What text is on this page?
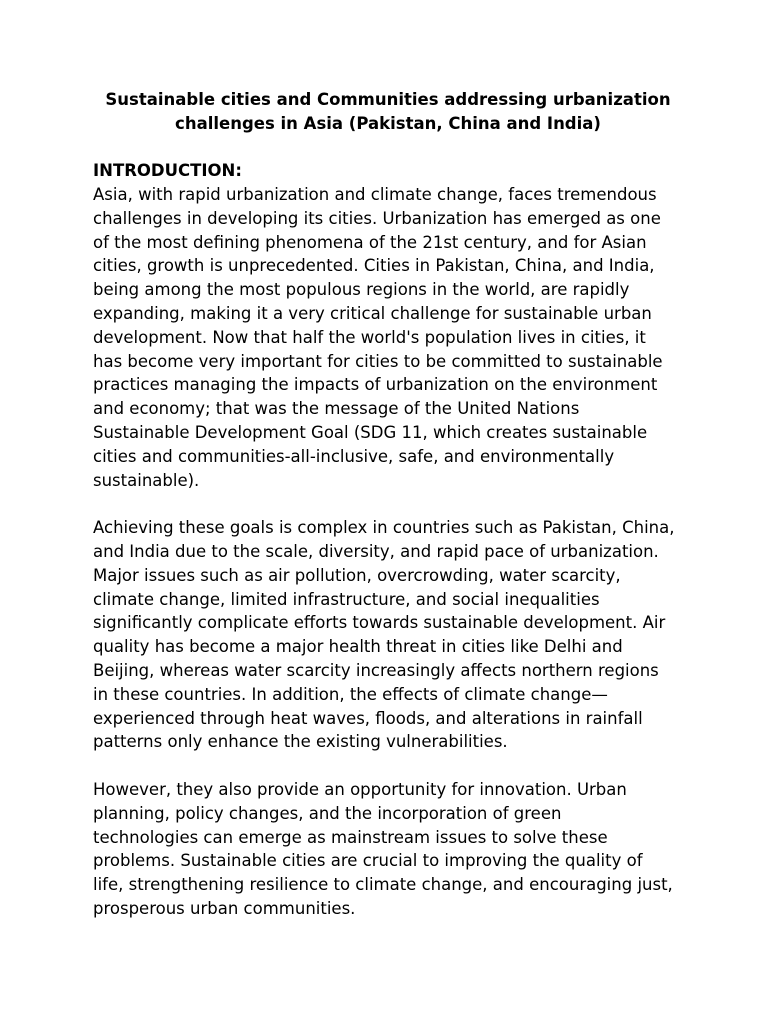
Sustainable cities and Communities addressing urbanization
challenges in Asia (Pakistan, China and India)
INTRODUCTION:

Asia, with rapid urbanization and climate change, faces tremendous
challenges in developing its cities. Urbanization has emerged as one
of the most defining phenomena of the 21st century, and for Asian
cities, growth is unprecedented. Cities in Pakistan, China, and India,
being among the most populous regions in the world, are rapidly
expanding, making it a very critical challenge for sustainable urban
development. Now that half the world's population lives in cities, it
has become very important for cities to be committed to sustainable
practices managing the impacts of urbanization on the environment
and economy; that was the message of the United Nations
Sustainable Development Goal (SDG 11, which creates sustainable
cities and communities-all-inclusive, safe, and environmentally
sustainable).

Achieving these goals is complex in countries such as Pakistan, China,
and India due to the scale, diversity, and rapid pace of urbanization.
Major issues such as air pollution, overcrowding, water scarcity,
climate change, limited infrastructure, and social inequalities
significantly complicate efforts towards sustainable development. Air
quality has become a major health threat in cities like Delhi and
Beijing, whereas water scarcity increasingly affects northern regions
in these countries. In addition, the effects of climate change—
experienced through heat waves, floods, and alterations in rainfall
patterns only enhance the existing vulnerabilities.

However, they also provide an opportunity for innovation. Urban
planning, policy changes, and the incorporation of green
technologies can emerge as mainstream issues to solve these
problems. Sustainable cities are crucial to improving the quality of
life, strengthening resilience to climate change, and encouraging just,
prosperous urban communities.
